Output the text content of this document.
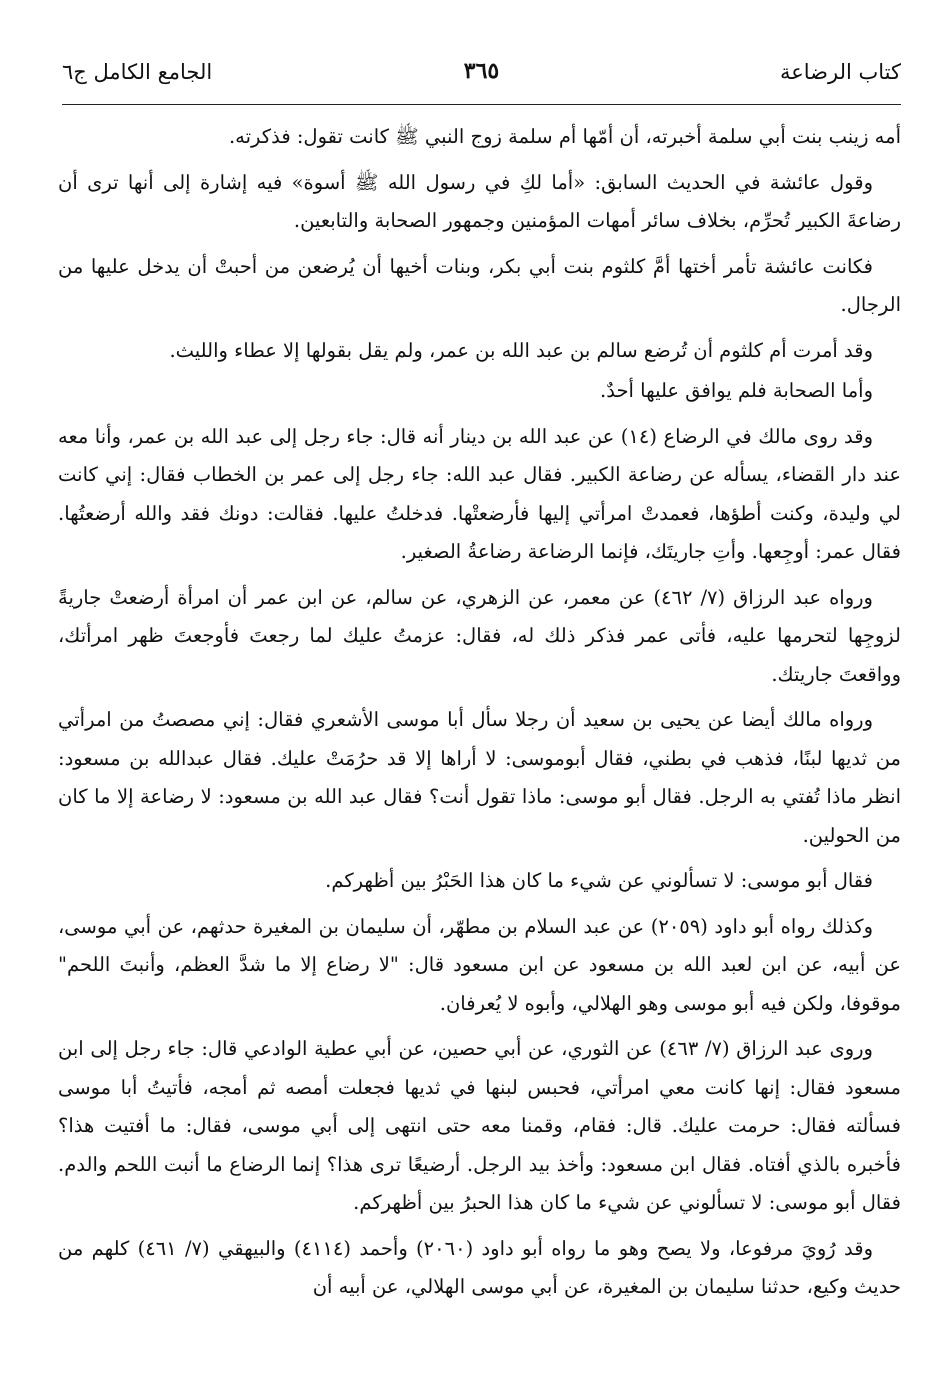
كتاب الرضاعة
٣٦٥
الجامع الكامل ج٦

أمه زينب بنت أبي سلمة أخبرته، أن أمّها أم سلمة زوج النبي ﷺ كانت تقول: فذكرته.

وقول عائشة في الحديث السابق: «أما لكِ في رسول الله ﷺ أسوة» فيه إشارة إلى أنها ترى أن رضاعةَ الكبير تُحرِّم، بخلاف سائر أمهات المؤمنين وجمهور الصحابة والتابعين.

فكانت عائشة تأمر أختها أمَّ كلثوم بنت أبي بكر، وبنات أخيها أن يُرضعن من أحبتْ أن يدخل عليها من الرجال.

وقد أمرت أم كلثوم أن تُرضع سالم بن عبد الله بن عمر، ولم يقل بقولها إلا عطاء والليث.

وأما الصحابة فلم يوافق عليها أحدٌ.

وقد روى مالك في الرضاع (١٤) عن عبد الله بن دينار أنه قال: جاء رجل إلى عبد الله بن عمر، وأنا معه عند دار القضاء، يسأله عن رضاعة الكبير. فقال عبد الله: جاء رجل إلى عمر بن الخطاب فقال: إني كانت لي وليدة، وكنت أطؤها، فعمدتْ امرأتي إليها فأرضعتْها. فدخلتُ عليها. فقالت: دونك فقد والله أرضعتُها. فقال عمر: أوجِعها. وأتِ جاريتَك، فإنما الرضاعة رضاعةُ الصغير.

ورواه عبد الرزاق (٧/ ٤٦٢) عن معمر، عن الزهري، عن سالم، عن ابن عمر أن امرأة أرضعتْ جاريةً لزوجِها لتحرمها عليه، فأتى عمر فذكر ذلك له، فقال: عزمتُ عليك لما رجعتَ فأوجعتَ ظهر امرأتك، وواقعتَ جاريتك.

ورواه مالك أيضا عن يحيى بن سعيد أن رجلا سأل أبا موسى الأشعري فقال: إني مصصتُ من امرأتي من ثديها لبنًا، فذهب في بطني، فقال أبوموسى: لا أراها إلا قد حرُمَتْ عليك. فقال عبدالله بن مسعود: انظر ماذا تُفتي به الرجل. فقال أبو موسى: ماذا تقول أنت؟ فقال عبد الله بن مسعود: لا رضاعة إلا ما كان من الحولين.

فقال أبو موسى: لا تسألوني عن شيء ما كان هذا الحَبْرُ بين أظهركم.

وكذلك رواه أبو داود (٢٠٥٩) عن عبد السلام بن مطهّر، أن سليمان بن المغيرة حدثهم، عن أبي موسى، عن أبيه، عن ابن لعبد الله بن مسعود عن ابن مسعود قال: "لا رضاع إلا ما شدَّ العظم، وأنبتَ اللحم" موقوفا، ولكن فيه أبو موسى وهو الهلالي، وأبوه لا يُعرفان.

وروى عبد الرزاق (٧/ ٤٦٣) عن الثوري، عن أبي حصين، عن أبي عطية الوادعي قال: جاء رجل إلى ابن مسعود فقال: إنها كانت معي امرأتي، فحبس لبنها في ثديها فجعلت أمصه ثم أمجه، فأتيتُ أبا موسى فسألته فقال: حرمت عليك. قال: فقام، وقمنا معه حتى انتهى إلى أبي موسى، فقال: ما أفتيت هذا؟ فأخبره بالذي أفتاه. فقال ابن مسعود: وأخذ بيد الرجل. أرضيعًا ترى هذا؟ إنما الرضاع ما أنبت اللحم والدم. فقال أبو موسى: لا تسألوني عن شيء ما كان هذا الحبرُ بين أظهركم.

وقد رُويَ مرفوعا، ولا يصح وهو ما رواه أبو داود (٢٠٦٠) وأحمد (٤١١٤) والبيهقي (٧/ ٤٦١) كلهم من حديث وكيع، حدثنا سليمان بن المغيرة، عن أبي موسى الهلالي، عن أبيه أن
